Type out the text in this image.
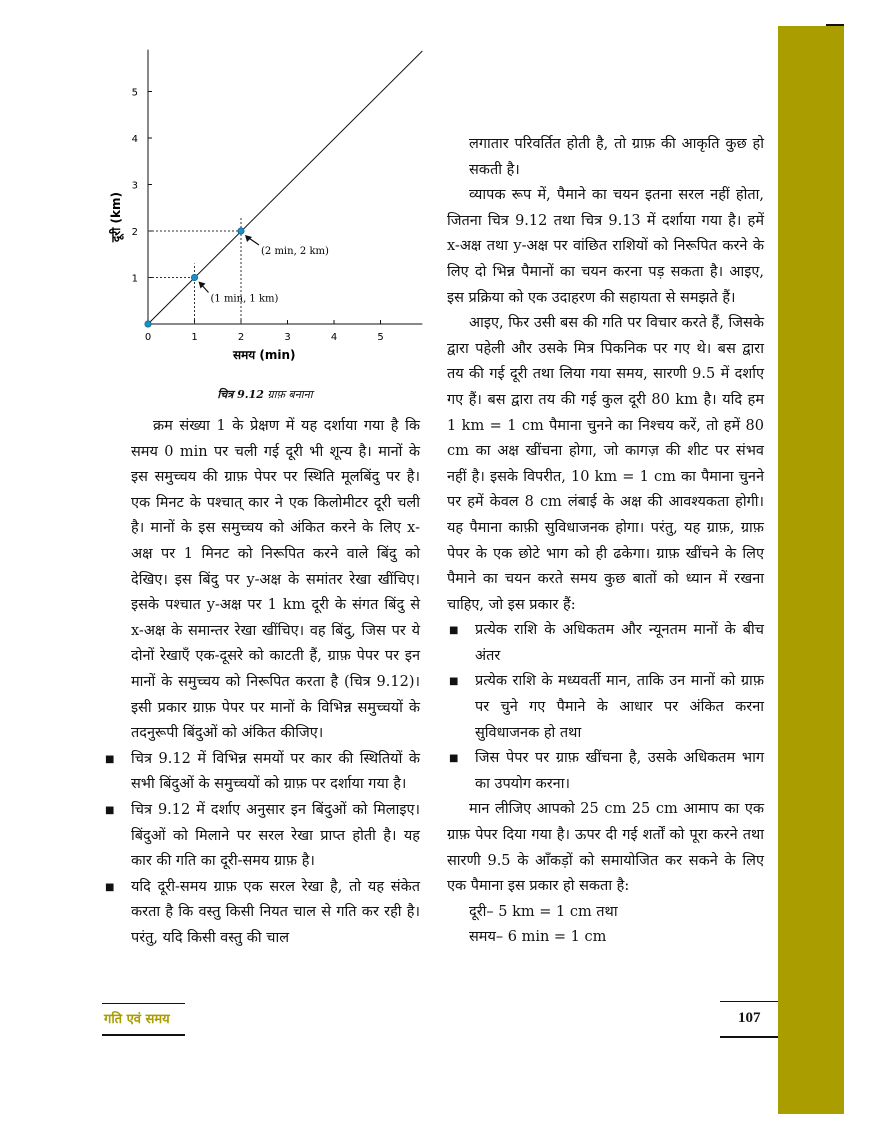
0	1	2	3	4	5
1
2
3
4
5
(1 min, 1 km)
(2 min, 2 km)
समय (min)
दूरी (km)
चित्र 9.12 ग्राफ़ बनाना

क्रम संख्या 1 के प्रेक्षण में यह दर्शाया गया है कि समय 0 min पर चली गई दूरी भी शून्य है। मानों के इस समुच्चय की ग्राफ़ पेपर पर स्थिति मूलबिंदु पर है। एक मिनट के पश्चात् कार ने एक किलोमीटर दूरी चली है। मानों के इस समुच्चय को अंकित करने के लिए x-अक्ष पर 1 मिनट को निरूपित करने वाले बिंदु को देखिए। इस बिंदु पर y-अक्ष के समांतर रेखा खींचिए। इसके पश्चात y-अक्ष पर 1 km दूरी के संगत बिंदु से x-अक्ष के समान्तर रेखा खींचिए। वह बिंदु, जिस पर ये दोनों रेखाएँ एक-दूसरे को काटती हैं, ग्राफ़ पेपर पर इन मानों के समुच्चय को निरूपित करता है (चित्र 9.12)। इसी प्रकार ग्राफ़ पेपर पर मानों के विभिन्न समुच्चयों के तदनुरूपी बिंदुओं को अंकित कीजिए।

■ चित्र 9.12 में विभिन्न समयों पर कार की स्थितियों के सभी बिंदुओं के समुच्चयों को ग्राफ़ पर दर्शाया गया है।
■ चित्र 9.12 में दर्शाए अनुसार इन बिंदुओं को मिलाइए। बिंदुओं को मिलाने पर सरल रेखा प्राप्त होती है। यह कार की गति का दूरी-समय ग्राफ़ है।
■ यदि दूरी-समय ग्राफ़ एक सरल रेखा है, तो यह संकेत करता है कि वस्तु किसी नियत चाल से गति कर रही है। परंतु, यदि किसी वस्तु की चाल

लगातार परिवर्तित होती है, तो ग्राफ़ की आकृति कुछ हो सकती है।

व्यापक रूप में, पैमाने का चयन इतना सरल नहीं होता, जितना चित्र 9.12 तथा चित्र 9.13 में दर्शाया गया है। हमें x-अक्ष तथा y-अक्ष पर वांछित राशियों को निरूपित करने के लिए दो भिन्न पैमानों का चयन करना पड़ सकता है। आइए, इस प्रक्रिया को एक उदाहरण की सहायता से समझते हैं।

आइए, फिर उसी बस की गति पर विचार करते हैं, जिसके द्वारा पहेली और उसके मित्र पिकनिक पर गए थे। बस द्वारा तय की गई दूरी तथा लिया गया समय, सारणी 9.5 में दर्शाए गए हैं। बस द्वारा तय की गई कुल दूरी 80 km है। यदि हम 1 km = 1 cm पैमाना चुनने का निश्चय करें, तो हमें 80 cm का अक्ष खींचना होगा, जो कागज़ की शीट पर संभव नहीं है। इसके विपरीत, 10 km = 1 cm का पैमाना चुनने पर हमें केवल 8 cm लंबाई के अक्ष की आवश्यकता होगी। यह पैमाना काफ़ी सुविधाजनक होगा। परंतु, यह ग्राफ़, ग्राफ़ पेपर के एक छोटे भाग को ही ढकेगा। ग्राफ़ खींचने के लिए पैमाने का चयन करते समय कुछ बातों को ध्यान में रखना चाहिए, जो इस प्रकार हैं:

■ प्रत्येक राशि के अधिकतम और न्यूनतम मानों के बीच अंतर
■ प्रत्येक राशि के मध्यवर्ती मान, ताकि उन मानों को ग्राफ़ पर चुने गए पैमाने के आधार पर अंकित करना सुविधाजनक हो तथा
■ जिस पेपर पर ग्राफ़ खींचना है, उसके अधिकतम भाग का उपयोग करना।

मान लीजिए आपको 25 cm 25 cm आमाप का एक ग्राफ़ पेपर दिया गया है। ऊपर दी गई शर्तों को पूरा करने तथा सारणी 9.5 के आँकड़ों को समायोजित कर सकने के लिए एक पैमाना इस प्रकार हो सकता है:

दूरी– 5 km = 1 cm तथा

समय– 6 min = 1 cm

गति एवं समय	107
